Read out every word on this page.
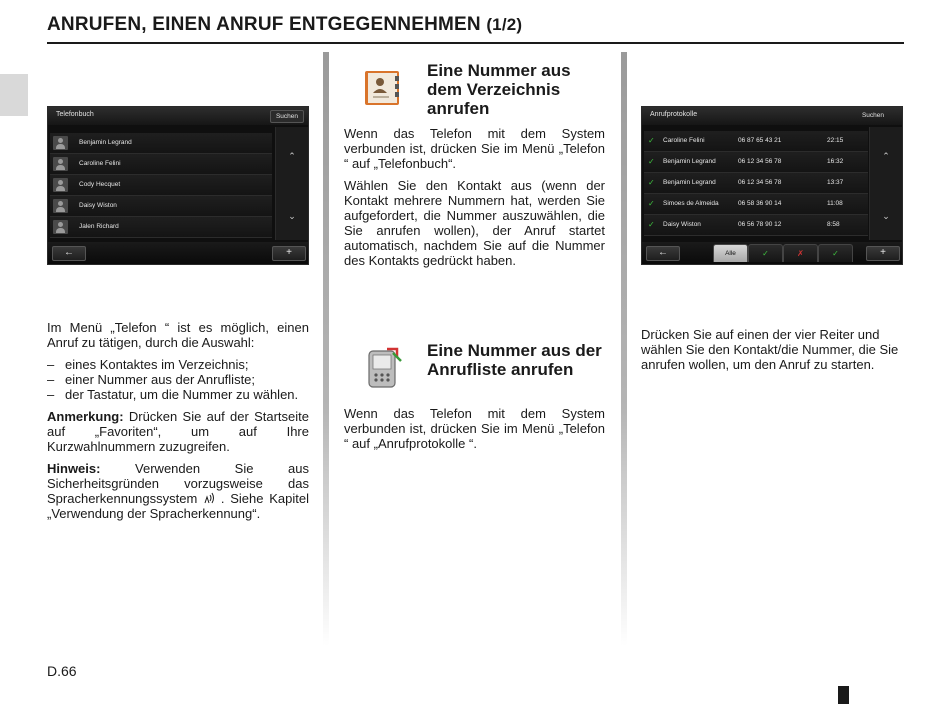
ANRUFEN, EINEN ANRUF ENTGEGENNEHMEN (1/2)
Telefonbuch	Suchen
Benjamin Legrand
Caroline Felini
Cody Hecquet
Daisy Wiston
Jalen Richard
⌃
⌄
←	+

Im Menü „Telefon “ ist es möglich, einen Anruf zu tätigen, durch die Auswahl:

– eines Kontaktes im Verzeichnis;
– einer Nummer aus der Anrufliste;
– der Tastatur, um die Nummer zu wählen.

Anmerkung: Drücken Sie auf der Startseite auf „Favoriten“, um auf Ihre Kurzwahlnummern zuzugreifen.

Hinweis:	Verwenden Sie aus Sicherheitsgründen vorzugsweise das Spracherkennungssystem . Siehe Kapitel „Verwendung der Spracherkennung“.

Eine Nummer aus dem Verzeichnis anrufen

Wenn das Telefon mit dem System verbunden ist, drücken Sie im Menü „Telefon “ auf „Telefonbuch“.

Wählen Sie den Kontakt aus (wenn der Kontakt mehrere Nummern hat, werden Sie aufgefordert, die Nummer auszuwählen, die Sie anrufen wollen), der Anruf startet automatisch, nachdem Sie auf die Nummer des Kontakts gedrückt haben.

Eine Nummer aus der Anrufliste anrufen

Wenn das Telefon mit dem System verbunden ist, drücken Sie im Menü „Telefon “ auf „Anrufprotokolle “.

Anrufprotokolle	Suchen
✓ Caroline Felini	06 87 65 43 21	22:15
✓ Benjamin Legrand	06 12 34 56 78	16:32
✓ Benjamin Legrand	06 12 34 56 78	13:37
✓ Simoes de Almeida	06 58 36 90 14	11:08
✓ Daisy Wiston	06 56 78 90 12	8:58
⌃
⌄
←	Alle	✓	✗	✓	+

Drücken Sie auf einen der vier Reiter und wählen Sie den Kontakt/die Nummer, die Sie anrufen wollen, um den Anruf zu starten.

D.66
